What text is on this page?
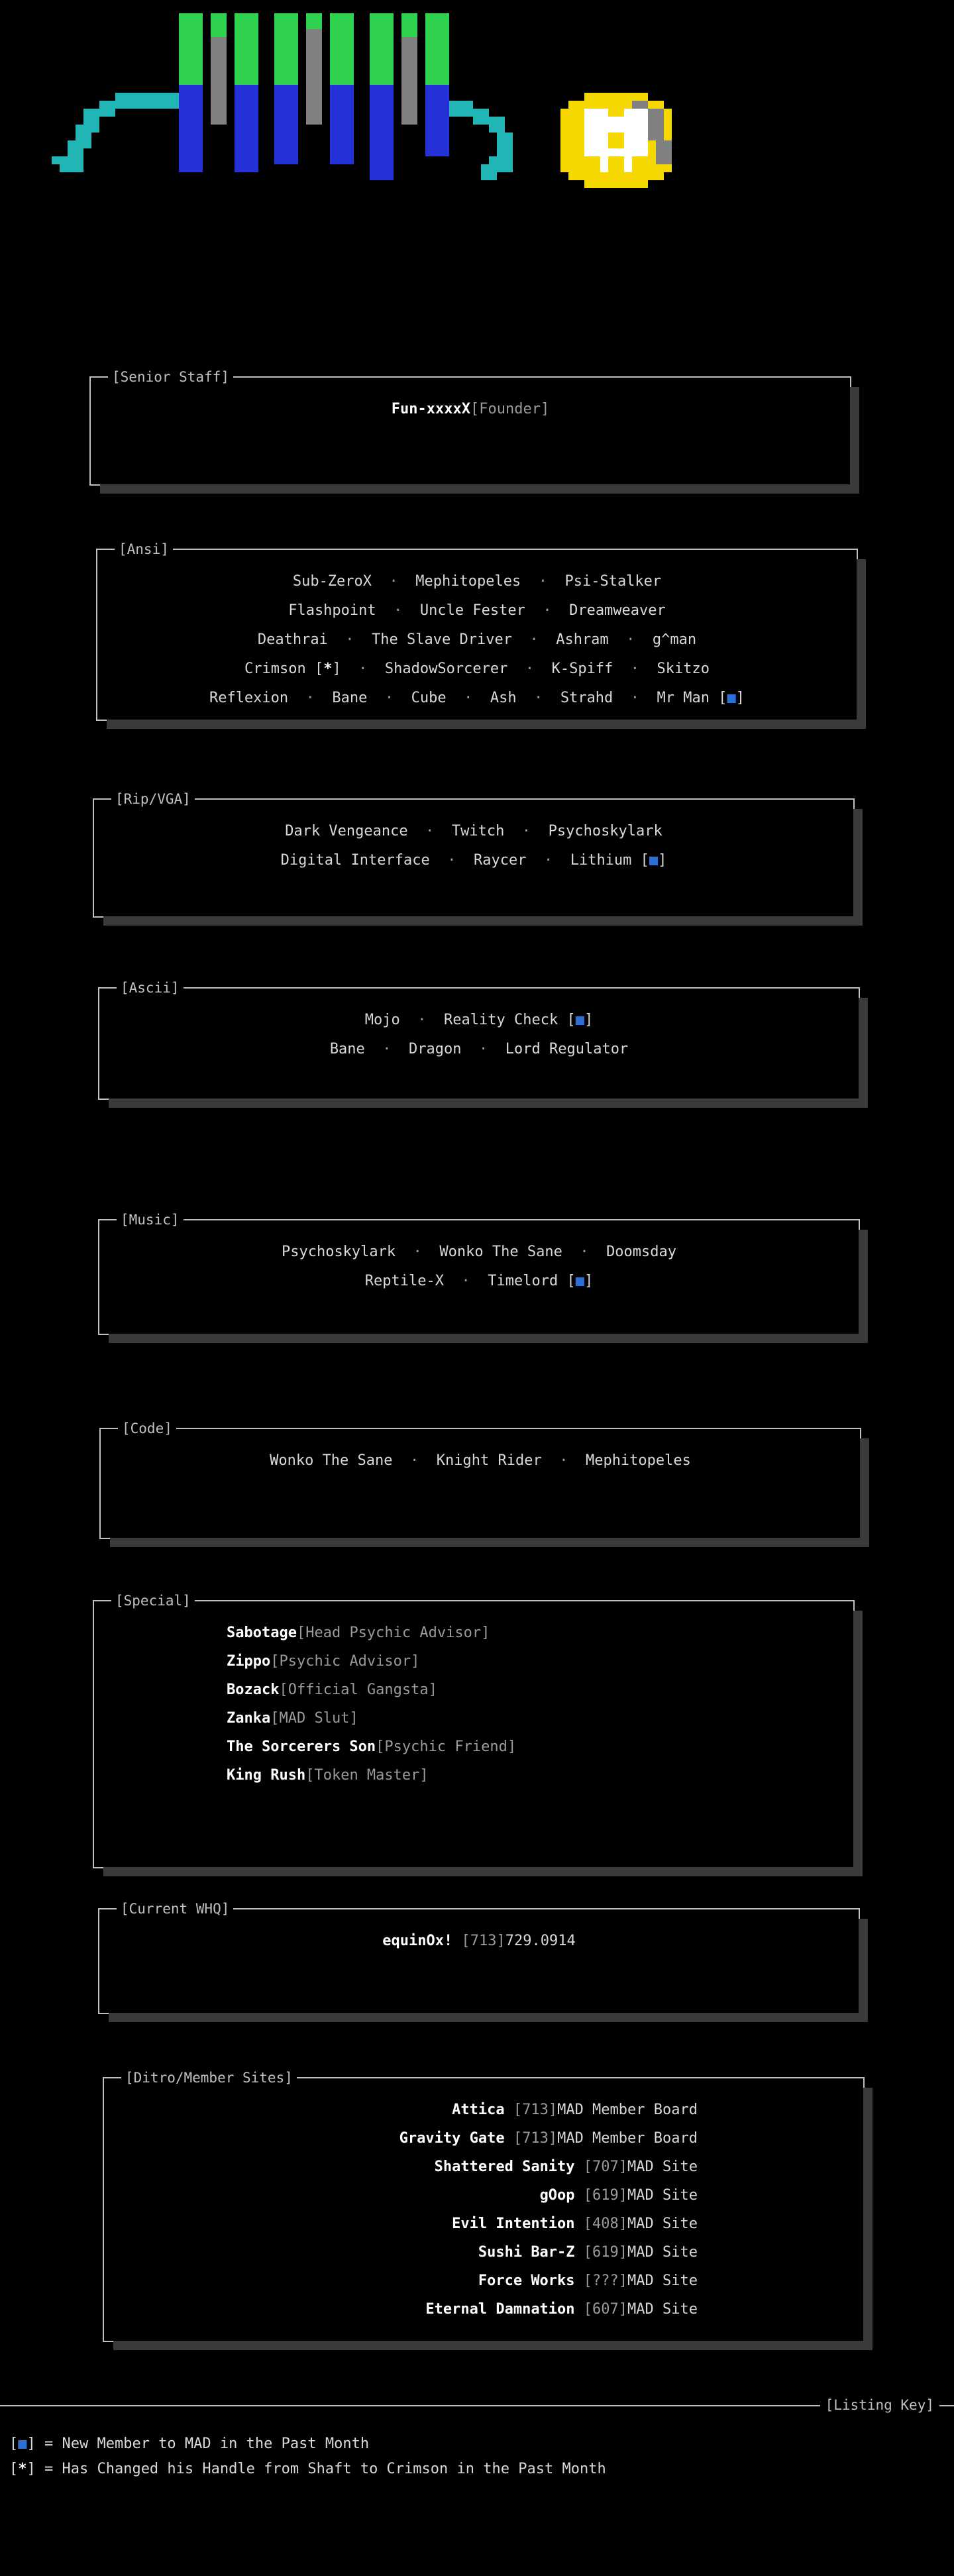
[Senior Staff]
Fun-xxxxX[Founder]
[Ansi]
Sub-ZeroX  ·  Mephitopeles  ·  Psi-Stalker
Flashpoint  ·  Uncle Fester  ·  Dreamweaver
Deathrai  ·  The Slave Driver  ·  Ashram  ·  g^man
Crimson [*]  ·  ShadowSorcerer  ·  K-Spiff  ·  Skitzo
Reflexion  ·  Bane  ·  Cube  ·  Ash  ·  Strahd  ·  Mr Man [■]
[Rip/VGA]
Dark Vengeance  ·  Twitch  ·  Psychoskylark
Digital Interface  ·  Raycer  ·  Lithium [■]
[Ascii]
Mojo  ·  Reality Check [■]
Bane  ·  Dragon  ·  Lord Regulator
[Music]
Psychoskylark  ·  Wonko The Sane  ·  Doomsday
Reptile-X  ·  Timelord [■]
[Code]
Wonko The Sane  ·  Knight Rider  ·  Mephitopeles
[Special]
Sabotage[Head Psychic Advisor]
Zippo[Psychic Advisor]
Bozack[Official Gangsta]
Zanka[MAD Slut]
The Sorcerers Son[Psychic Friend]
King Rush[Token Master]
[Current WHQ]
equinOx! [713]729.0914
[Ditro/Member Sites]
Attica [713]MAD Member Board
Gravity Gate [713]MAD Member Board
Shattered Sanity [707]MAD Site
gOop [619]MAD Site
Evil Intention [408]MAD Site
Sushi Bar-Z [619]MAD Site
Force Works [???]MAD Site
Eternal Damnation [607]MAD Site
[Listing Key]
[■] = New Member to MAD in the Past Month
[*] = Has Changed his Handle from Shaft to Crimson in the Past Month
